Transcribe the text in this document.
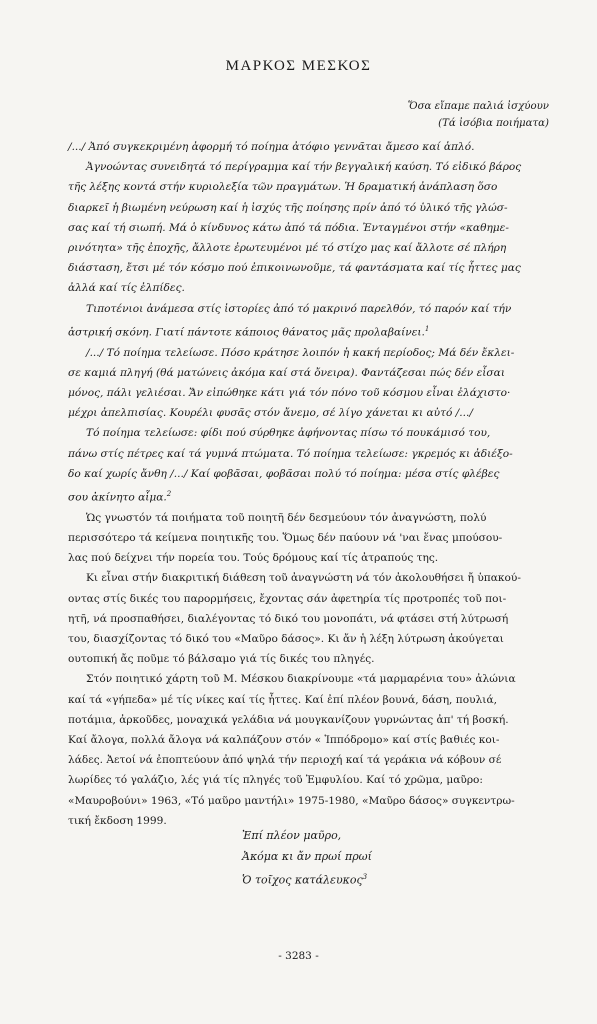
ΜΑΡΚΟΣ ΜΕΣΚΟΣ
Ὅσα εἴπαμε παλιά ἰσχύουν
(Τά ἰσόβια ποιήματα)
/.../ Ἀπό συγκεκριμένη ἀφορμή τό ποίημα ἀτόφιο γεννᾶται ἄμεσο καί ἁπλό.
Ἀγνοώντας συνειδητά τό περίγραμμα καί τήν βεγγαλική καύση. Τό εἰδικό βάρος
τῆς λέξης κοντά στήν κυριολεξία τῶν πραγμάτων. Ἡ δραματική ἀνάπλαση ὅσο
διαρκεῖ ἡ βιωμένη νεύρωση καί ἡ ἰσχύς τῆς ποίησης πρίν ἀπό τό ὑλικό τῆς γλώσ-
σας καί τή σιωπή. Μά ὁ κίνδυνος κάτω ἀπό τά πόδια. Ἐνταγμένοι στήν «καθημε-
ρινότητα» τῆς ἐποχῆς, ἄλλοτε ἐρωτευμένοι μέ τό στίχο μας καί ἄλλοτε σέ πλήρη
διάσταση, ἔτσι μέ τόν κόσμο πού ἐπικοινωνοῦμε, τά φαντάσματα καί τίς ἧττες μας
ἀλλά καί τίς ἐλπίδες.
Τιποτένιοι ἀνάμεσα στίς ἱστορίες ἀπό τό μακρινό παρελθόν, τό παρόν καί τήν
ἀστρική σκόνη. Γιατί πάντοτε κάποιος θάνατος μᾶς προλαβαίνει.$^1$
/.../ Τό ποίημα τελείωσε. Πόσο κράτησε λοιπόν ἡ κακή περίοδος; Μά δέν ἔκλει-
σε καμιά πληγή (θά ματώνεις ἀκόμα καί στά ὄνειρα). Φαντάζεσαι πώς δέν εἶσαι
μόνος, πάλι γελιέσαι. Ἄν εἰπώθηκε κάτι γιά τόν πόνο τοῦ κόσμου εἶναι ἐλάχιστο·
μέχρι ἀπελπισίας. Κουρέλι φυσᾶς στόν ἄνεμο, σέ λίγο χάνεται κι αὐτό /.../
Τό ποίημα τελείωσε: φίδι πού σύρθηκε ἀφήνοντας πίσω τό πουκάμισό του,
πάνω στίς πέτρες καί τά γυμνά πτώματα. Τό ποίημα τελείωσε: γκρεμός κι ἀδιέξο-
δο καί χωρίς ἄνθη /.../ Καί φοβᾶσαι, φοβᾶσαι πολύ τό ποίημα: μέσα στίς φλέβες
σου ἀκίνητο αἷμα.$^2$
Ὡς γνωστόν τά ποιήματα τοῦ ποιητῆ δέν δεσμεύουν τόν ἀναγνώστη, πολύ
περισσότερο τά κείμενα ποιητικῆς του. Ὅμως δέν παύουν νά 'ναι ἕνας μπούσου-
λας πού δείχνει τήν πορεία του. Τούς δρόμους καί τίς ἀτραπούς της.
Κι εἶναι στήν διακριτική διάθεση τοῦ ἀναγνώστη νά τόν ἀκολουθήσει ἤ ὑπακού-
οντας στίς δικές του παρορμήσεις, ἔχοντας σάν ἀφετηρία τίς προτροπές τοῦ ποι-
ητῆ, νά προσπαθήσει, διαλέγοντας τό δικό του μονοπάτι, νά φτάσει στή λύτρωσή
του, διασχίζοντας τό δικό του «Μαῦρο δάσος». Κι ἄν ἡ λέξη λύτρωση ἀκούγεται
ουτοπική ἄς ποῦμε τό βάλσαμο γιά τίς δικές του πληγές.
Στόν ποιητικό χάρτη τοῦ Μ. Μέσκου διακρίνουμε «τά μαρμαρένια του» ἀλώνια
καί τά «γήπεδα» μέ τίς νίκες καί τίς ἧττες. Καί ἐπί πλέον βουνά, δάση, πουλιά,
ποτάμια, ἀρκοῦδες, μοναχικά γελάδια νά μουγκανίζουν γυρνώντας ἀπ' τή βοσκή.
Καί ἄλογα, πολλά ἄλογα νά καλπάζουν στόν « Ἱππόδρομο» καί στίς βαθιές κοι-
λάδες. Ἀετοί νά ἐποπτεύουν ἀπό ψηλά τήν περιοχή καί τά γεράκια νά κόβουν σέ
λωρίδες τό γαλάζιο, λές γιά τίς πληγές τοῦ Ἐμφυλίου. Καί τό χρῶμα, μαῦρο:
«Μαυροβούνι» 1963, «Τό μαῦρο μαντήλι» 1975-1980, «Μαῦρο δάσος» συγκεντρω-
τική ἔκδοση 1999.
Ἐπί πλέον μαῦρο,
Ἀκόμα κι ἄν πρωί πρωί
Ὁ τοῖχος κατάλευκος$^3$
- 3283 -
